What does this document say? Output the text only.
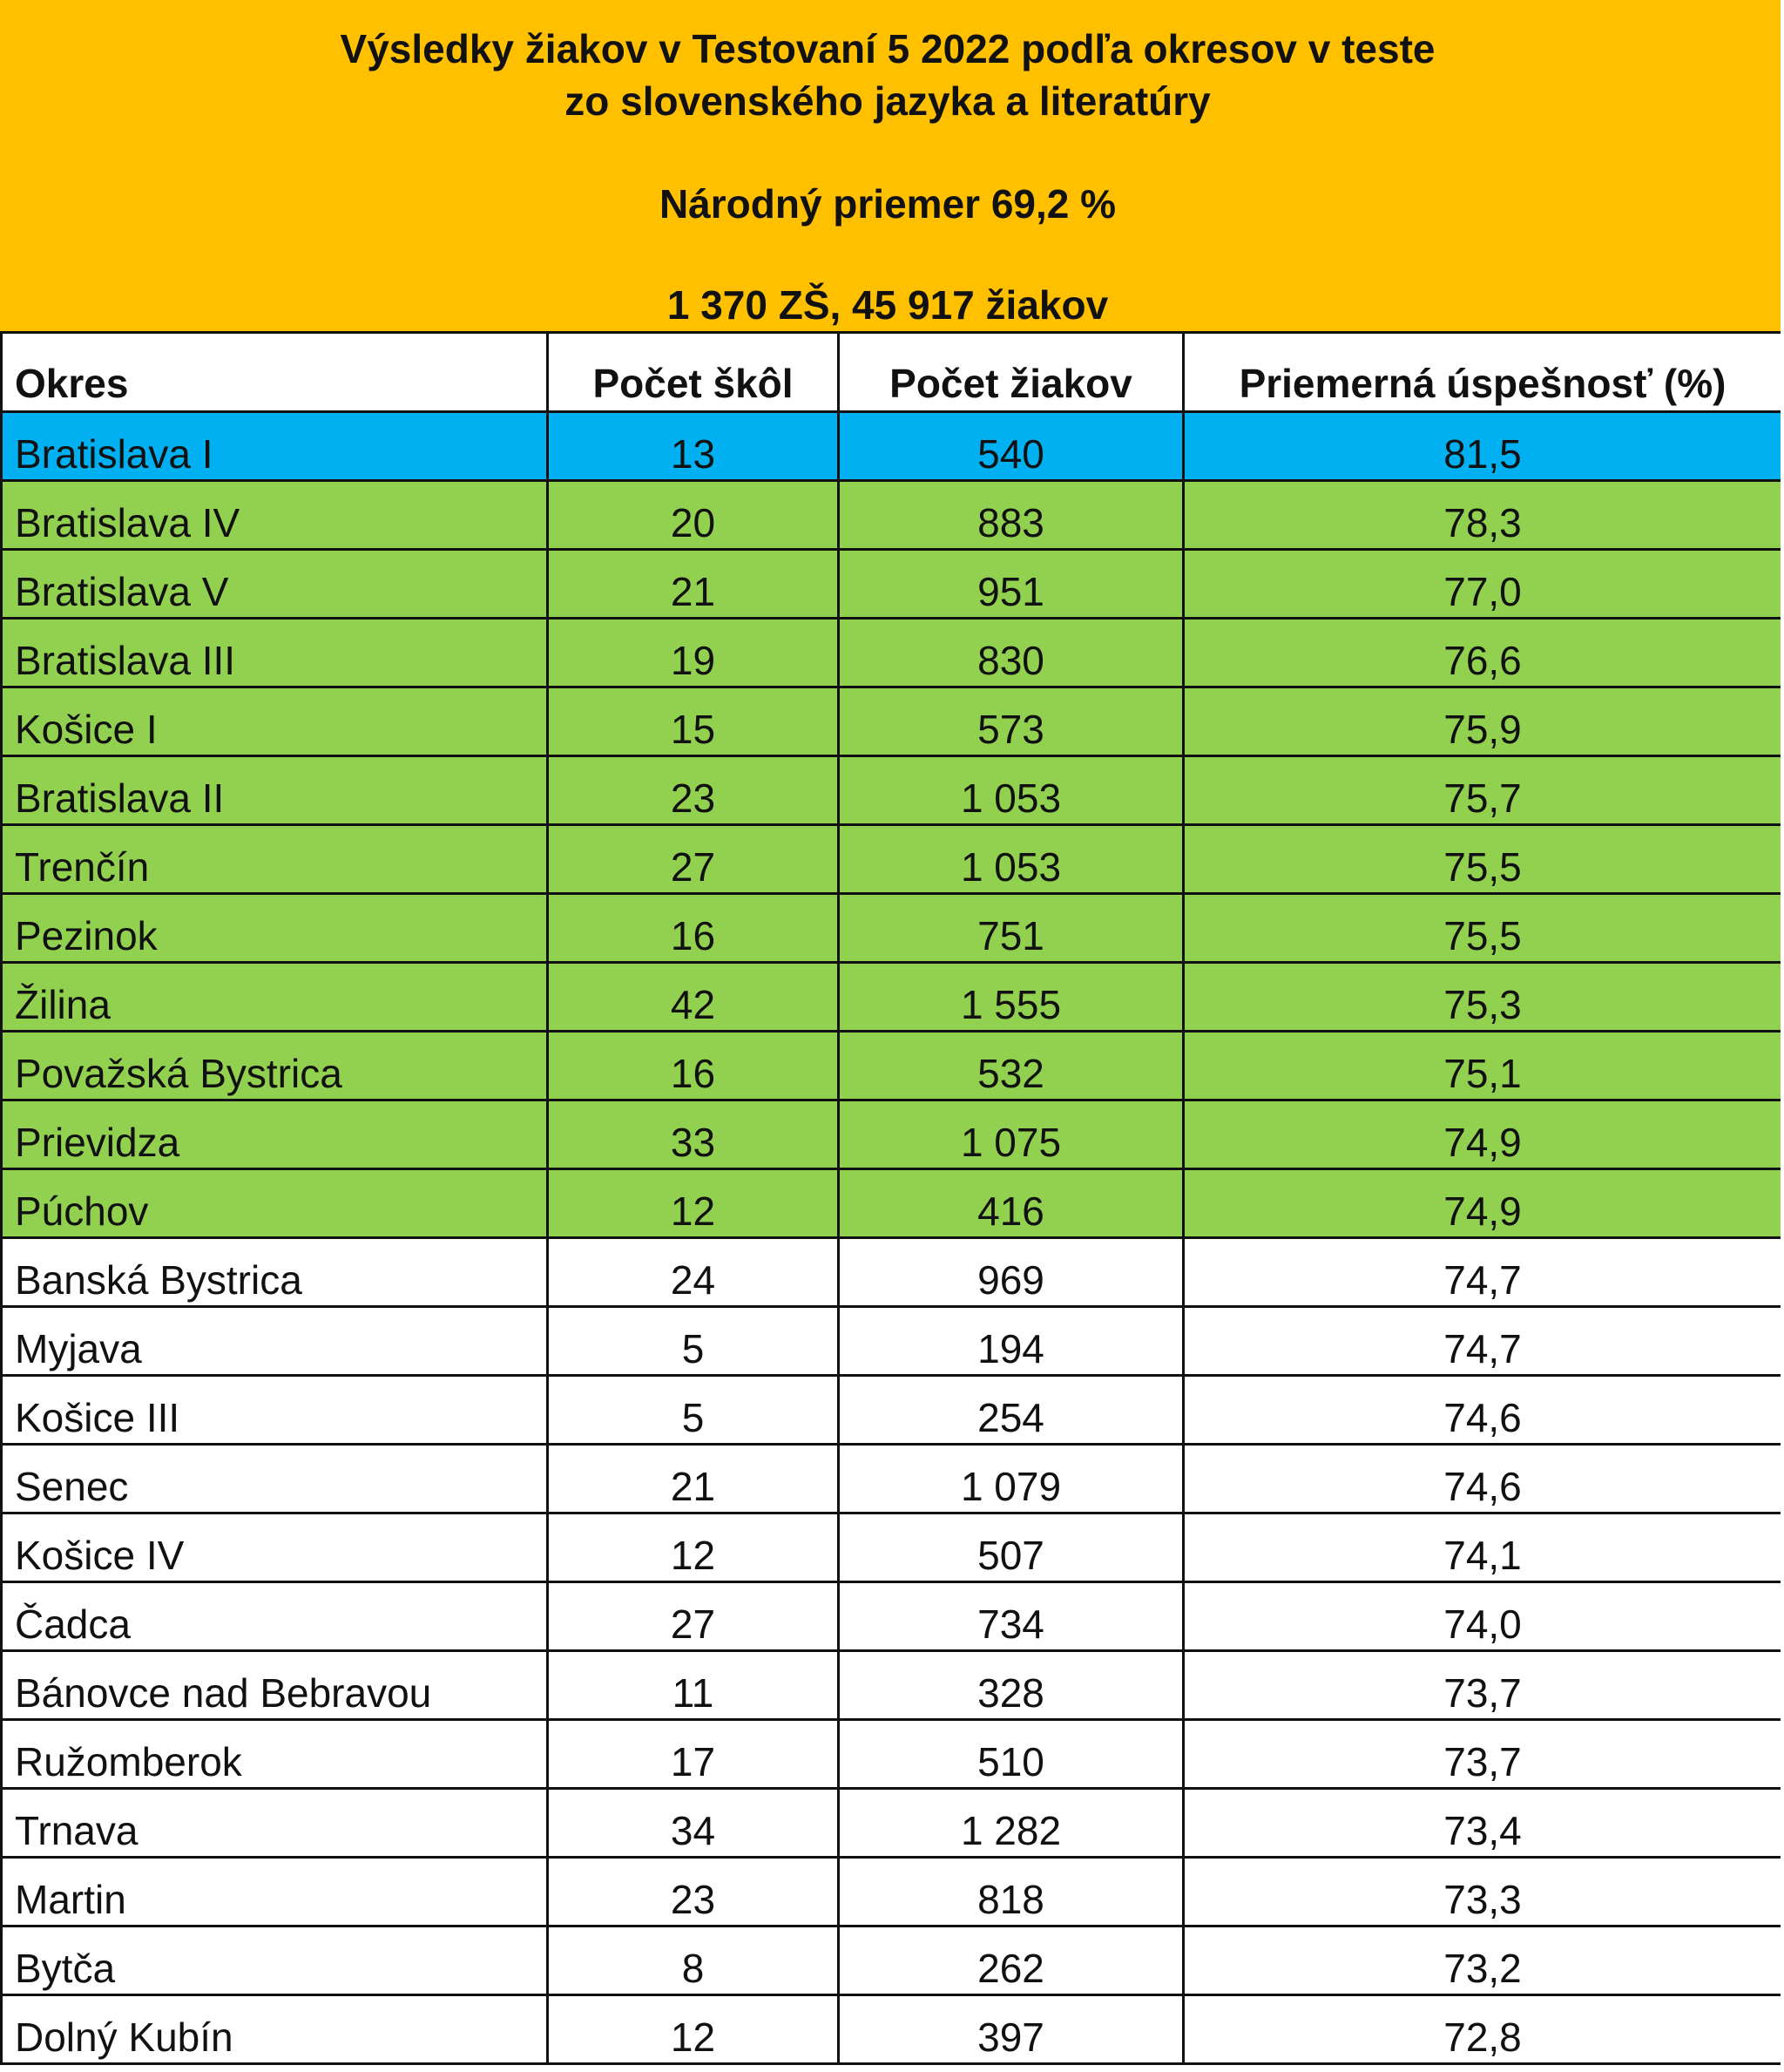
Výsledky žiakov v Testovaní 5 2022 podľa okresov v teste
zo slovenského jazyka a literatúry
Národný priemer 69,2 %
1 370 ZŠ, 45 917 žiakov
Okres	Počet škôl	Počet žiakov	Priemerná úspešnosť (%)
Bratislava I	13	540	81,5
Bratislava IV	20	883	78,3
Bratislava V	21	951	77,0
Bratislava III	19	830	76,6
Košice I	15	573	75,9
Bratislava II	23	1 053	75,7
Trenčín	27	1 053	75,5
Pezinok	16	751	75,5
Žilina	42	1 555	75,3
Považská Bystrica	16	532	75,1
Prievidza	33	1 075	74,9
Púchov	12	416	74,9
Banská Bystrica	24	969	74,7
Myjava	5	194	74,7
Košice III	5	254	74,6
Senec	21	1 079	74,6
Košice IV	12	507	74,1
Čadca	27	734	74,0
Bánovce nad Bebravou	11	328	73,7
Ružomberok	17	510	73,7
Trnava	34	1 282	73,4
Martin	23	818	73,3
Bytča	8	262	73,2
Dolný Kubín	12	397	72,8
